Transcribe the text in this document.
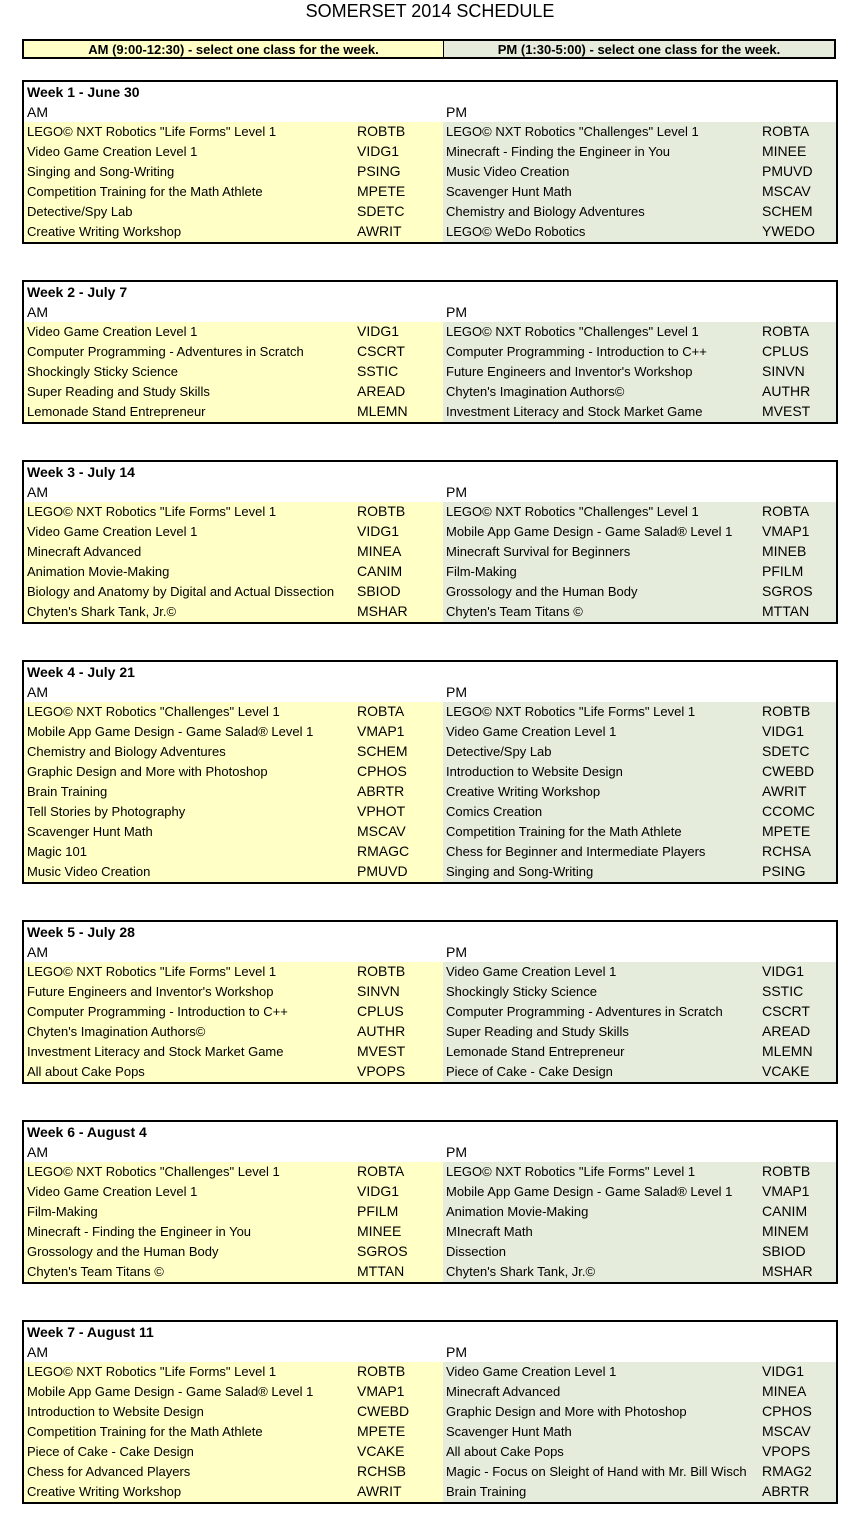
SOMERSET 2014 SCHEDULE
AM (9:00-12:30) - select one class for the week.	PM (1:30-5:00) - select one class for the week.
Week 1 - June 30
AM	PM
LEGO© NXT Robotics "Life Forms" Level 1	ROBTB	LEGO© NXT Robotics "Challenges" Level 1	ROBTA
Video Game Creation Level 1	VIDG1	Minecraft - Finding the Engineer in You	MINEE
Singing and Song-Writing	PSING	Music Video Creation	PMUVD
Competition Training for the Math Athlete	MPETE	Scavenger Hunt Math	MSCAV
Detective/Spy Lab	SDETC	Chemistry and Biology Adventures	SCHEM
Creative Writing Workshop	AWRIT	LEGO© WeDo Robotics	YWEDO
Week 2 - July 7
AM	PM
Video Game Creation Level 1	VIDG1	LEGO© NXT Robotics "Challenges" Level 1	ROBTA
Computer Programming - Adventures in Scratch	CSCRT	Computer Programming - Introduction to C++	CPLUS
Shockingly Sticky Science	SSTIC	Future Engineers and Inventor's Workshop	SINVN
Super Reading and Study Skills	AREAD	Chyten's Imagination Authors©	AUTHR
Lemonade Stand Entrepreneur	MLEMN	Investment Literacy and Stock Market Game	MVEST
Week 3 - July 14
AM	PM
LEGO© NXT Robotics "Life Forms" Level 1	ROBTB	LEGO© NXT Robotics "Challenges" Level 1	ROBTA
Video Game Creation Level 1	VIDG1	Mobile App Game Design - Game Salad® Level 1 VMAP1
Minecraft Advanced	MINEA	Minecraft Survival for Beginners	MINEB
Animation Movie-Making	CANIM	Film-Making	PFILM
Biology and Anatomy by Digital and Actual Dissection SBIOD	Grossology and the Human Body	SGROS
Chyten's Shark Tank, Jr.©	MSHAR	Chyten's Team Titans ©	MTTAN
Week 4 - July 21
AM	PM
LEGO© NXT Robotics "Challenges" Level 1	ROBTA	LEGO© NXT Robotics "Life Forms" Level 1	ROBTB
Mobile App Game Design - Game Salad® Level 1	VMAP1	Video Game Creation Level 1	VIDG1
Chemistry and Biology Adventures	SCHEM	Detective/Spy Lab	SDETC
Graphic Design and More with Photoshop	CPHOS	Introduction to Website Design	CWEBD
Brain Training	ABRTR	Creative Writing Workshop	AWRIT
Tell Stories by Photography	VPHOT	Comics Creation	CCOMC
Scavenger Hunt Math	MSCAV	Competition Training for the Math Athlete	MPETE
Magic 101	RMAGC	Chess for Beginner and Intermediate Players	RCHSA
Music Video Creation	PMUVD	Singing and Song-Writing	PSING
Week 5 - July 28
AM	PM
LEGO© NXT Robotics "Life Forms" Level 1	ROBTB	Video Game Creation Level 1	VIDG1
Future Engineers and Inventor's Workshop	SINVN	Shockingly Sticky Science	SSTIC
Computer Programming - Introduction to C++	CPLUS	Computer Programming - Adventures in Scratch	CSCRT
Chyten's Imagination Authors©	AUTHR	Super Reading and Study Skills	AREAD
Investment Literacy and Stock Market Game	MVEST	Lemonade Stand Entrepreneur	MLEMN
All about Cake Pops	VPOPS	Piece of Cake - Cake Design	VCAKE
Week 6 - August 4
AM	PM
LEGO© NXT Robotics "Challenges" Level 1	ROBTA	LEGO© NXT Robotics "Life Forms" Level 1	ROBTB
Video Game Creation Level 1	VIDG1	Mobile App Game Design - Game Salad® Level 1 VMAP1
Film-Making	PFILM	Animation Movie-Making	CANIM
Minecraft - Finding the Engineer in You	MINEE	MInecraft Math	MINEM
Grossology and the Human Body	SGROS	Dissection	SBIOD
Chyten's Team Titans ©	MTTAN	Chyten's Shark Tank, Jr.©	MSHAR
Week 7 - August 11
AM	PM
LEGO© NXT Robotics "Life Forms" Level 1	ROBTB	Video Game Creation Level 1	VIDG1
Mobile App Game Design - Game Salad® Level 1	VMAP1	Minecraft Advanced	MINEA
Introduction to Website Design	CWEBD	Graphic Design and More with Photoshop	CPHOS
Competition Training for the Math Athlete	MPETE	Scavenger Hunt Math	MSCAV
Piece of Cake - Cake Design	VCAKE	All about Cake Pops	VPOPS
Chess for Advanced Players	RCHSB	Magic - Focus on Sleight of Hand with Mr. Bill Wisch RMAG2
Creative Writing Workshop	AWRIT	Brain Training	ABRTR
